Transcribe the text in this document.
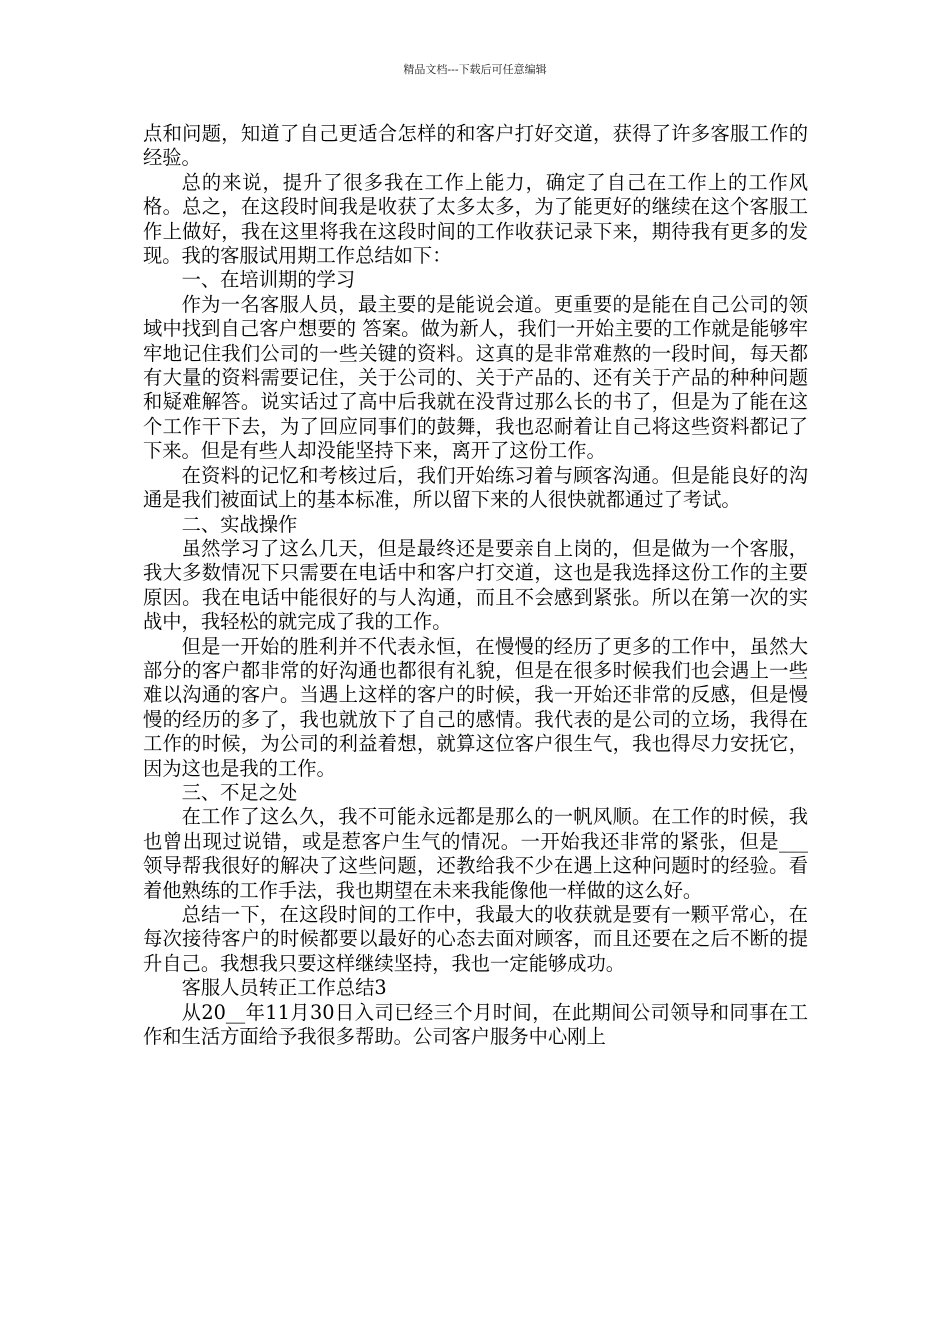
精品文档---下载后可任意编辑

点和问题，知道了自己更适合怎样的和客户打好交道，获得了许多客服工作的经验。

总的来说，提升了很多我在工作上能力，确定了自己在工作上的工作风格。总之，在这段时间我是收获了太多太多，为了能更好的继续在这个客服工作上做好，我在这里将我在这段时间的工作收获记录下来，期待我有更多的发现。我的客服试用期工作总结如下：

一、在培训期的学习

作为一名客服人员，最主要的是能说会道。更重要的是能在自己公司的领域中找到自己客户想要的 答案。做为新人，我们一开始主要的工作就是能够牢牢地记住我们公司的一些关键的资料。这真的是非常难熬的一段时间，每天都有大量的资料需要记住，关于公司的、关于产品的、还有关于产品的种种问题和疑难解答。说实话过了高中后我就在没背过那么长的书了，但是为了能在这个工作干下去，为了回应同事们的鼓舞，我也忍耐着让自己将这些资料都记了下来。但是有些人却没能坚持下来，离开了这份工作。

在资料的记忆和考核过后，我们开始练习着与顾客沟通。但是能良好的沟通是我们被面试上的基本标准，所以留下来的人很快就都通过了考试。

二、实战操作

虽然学习了这么几天，但是最终还是要亲自上岗的，但是做为一个客服，我大多数情况下只需要在电话中和客户打交道，这也是我选择这份工作的主要原因。我在电话中能很好的与人沟通，而且不会感到紧张。所以在第一次的实战中，我轻松的就完成了我的工作。

但是一开始的胜利并不代表永恒，在慢慢的经历了更多的工作中，虽然大部分的客户都非常的好沟通也都很有礼貌，但是在很多时候我们也会遇上一些难以沟通的客户。当遇上这样的客户的时候，我一开始还非常的反感，但是慢慢的经历的多了，我也就放下了自己的感情。我代表的是公司的立场，我得在工作的时候，为公司的利益着想，就算这位客户很生气，我也得尽力安抚它，因为这也是我的工作。

三、不足之处

在工作了这么久，我不可能永远都是那么的一帆风顺。在工作的时候，我也曾出现过说错，或是惹客户生气的情况。一开始我还非常的紧张，但是___领导帮我很好的解决了这些问题，还教给我不少在遇上这种问题时的经验。看着他熟练的工作手法，我也期望在未来我能像他一样做的这么好。

总结一下，在这段时间的工作中，我最大的收获就是要有一颗平常心，在每次接待客户的时候都要以最好的心态去面对顾客，而且还要在之后不断的提升自己。我想我只要这样继续坚持，我也一定能够成功。

客服人员转正工作总结3

从20__年11月30日入司已经三个月时间，在此期间公司领导和同事在工作和生活方面给予我很多帮助。公司客户服务中心刚上
